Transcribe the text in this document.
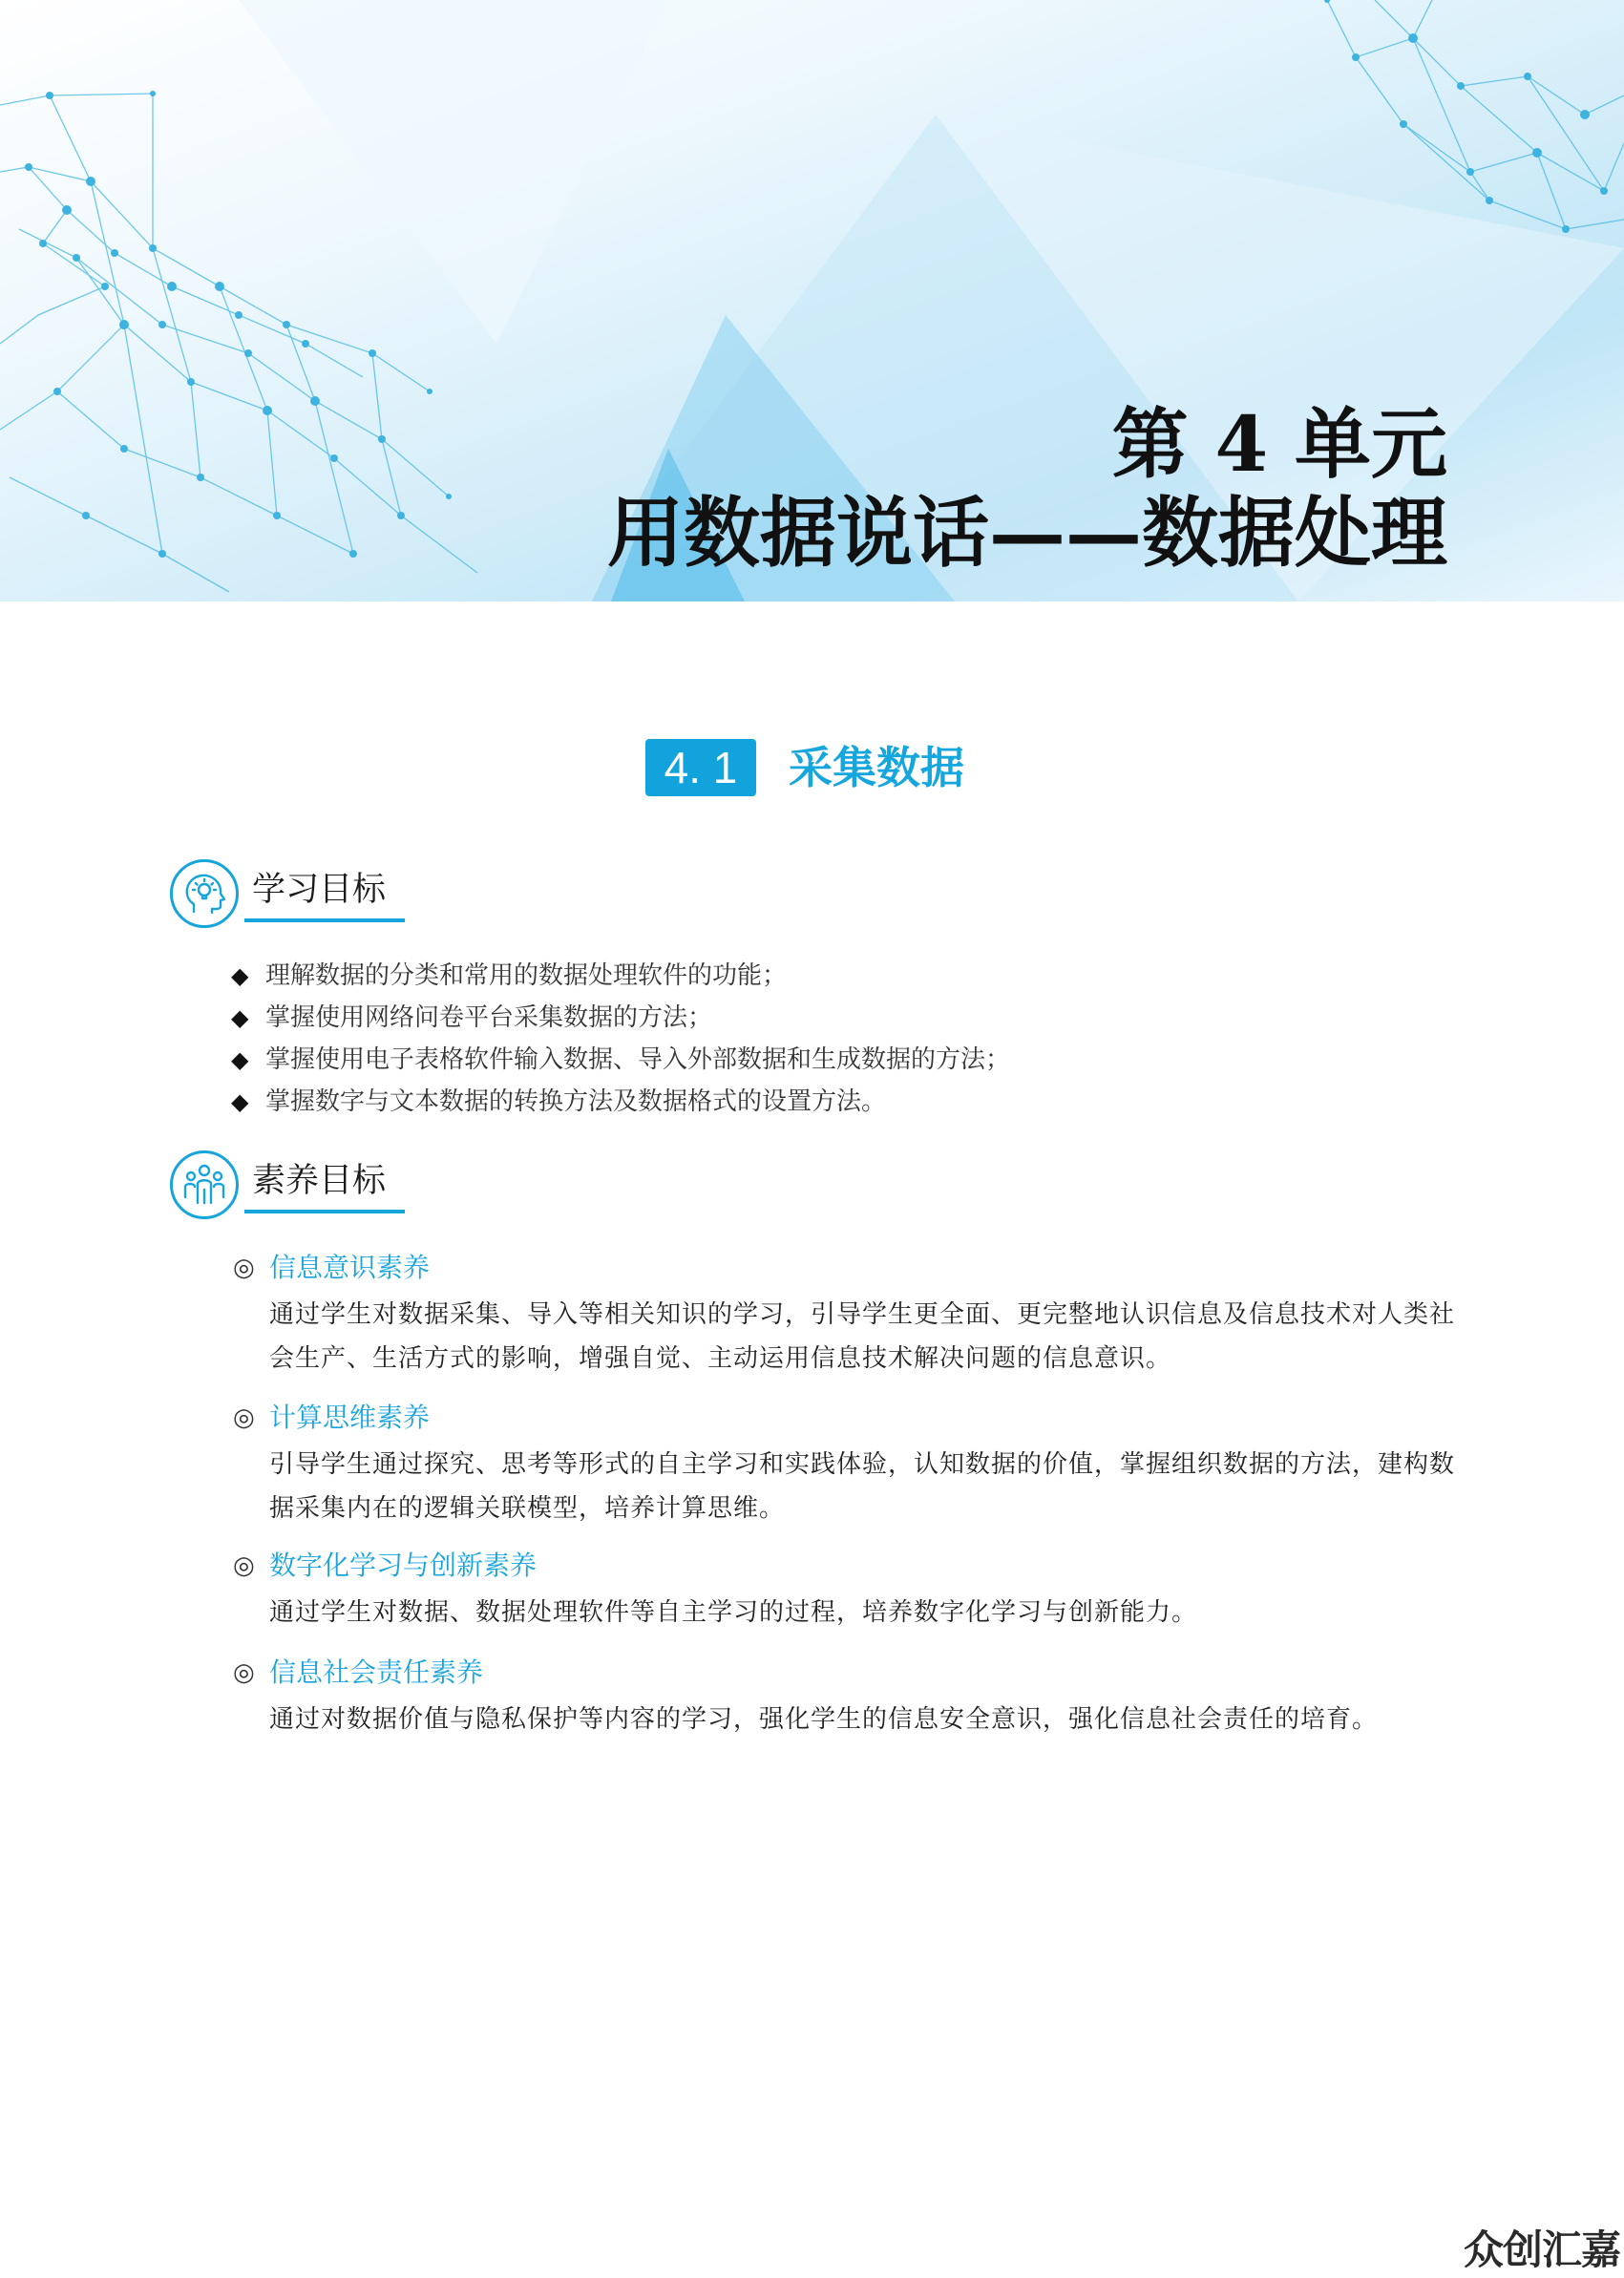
第 4 单元
用数据说话——数据处理
4. 1	采集数据
学习目标
◆ 理解数据的分类和常用的数据处理软件的功能；
◆ 掌握使用网络问卷平台采集数据的方法；
◆ 掌握使用电子表格软件输入数据、导入外部数据和生成数据的方法；
◆ 掌握数字与文本数据的转换方法及数据格式的设置方法。
素养目标
◎ 信息意识素养
通过学生对数据采集、导入等相关知识的学习，引导学生更全面、更完整地认识信息及信息技术对人类社会生产、生活方式的影响，增强自觉、主动运用信息技术解决问题的信息意识。
◎ 计算思维素养
引导学生通过探究、思考等形式的自主学习和实践体验，认知数据的价值，掌握组织数据的方法，建构数据采集内在的逻辑关联模型，培养计算思维。
◎ 数字化学习与创新素养
通过学生对数据、数据处理软件等自主学习的过程，培养数字化学习与创新能力。
◎ 信息社会责任素养
通过对数据价值与隐私保护等内容的学习，强化学生的信息安全意识，强化信息社会责任的培育。
众创汇嘉
